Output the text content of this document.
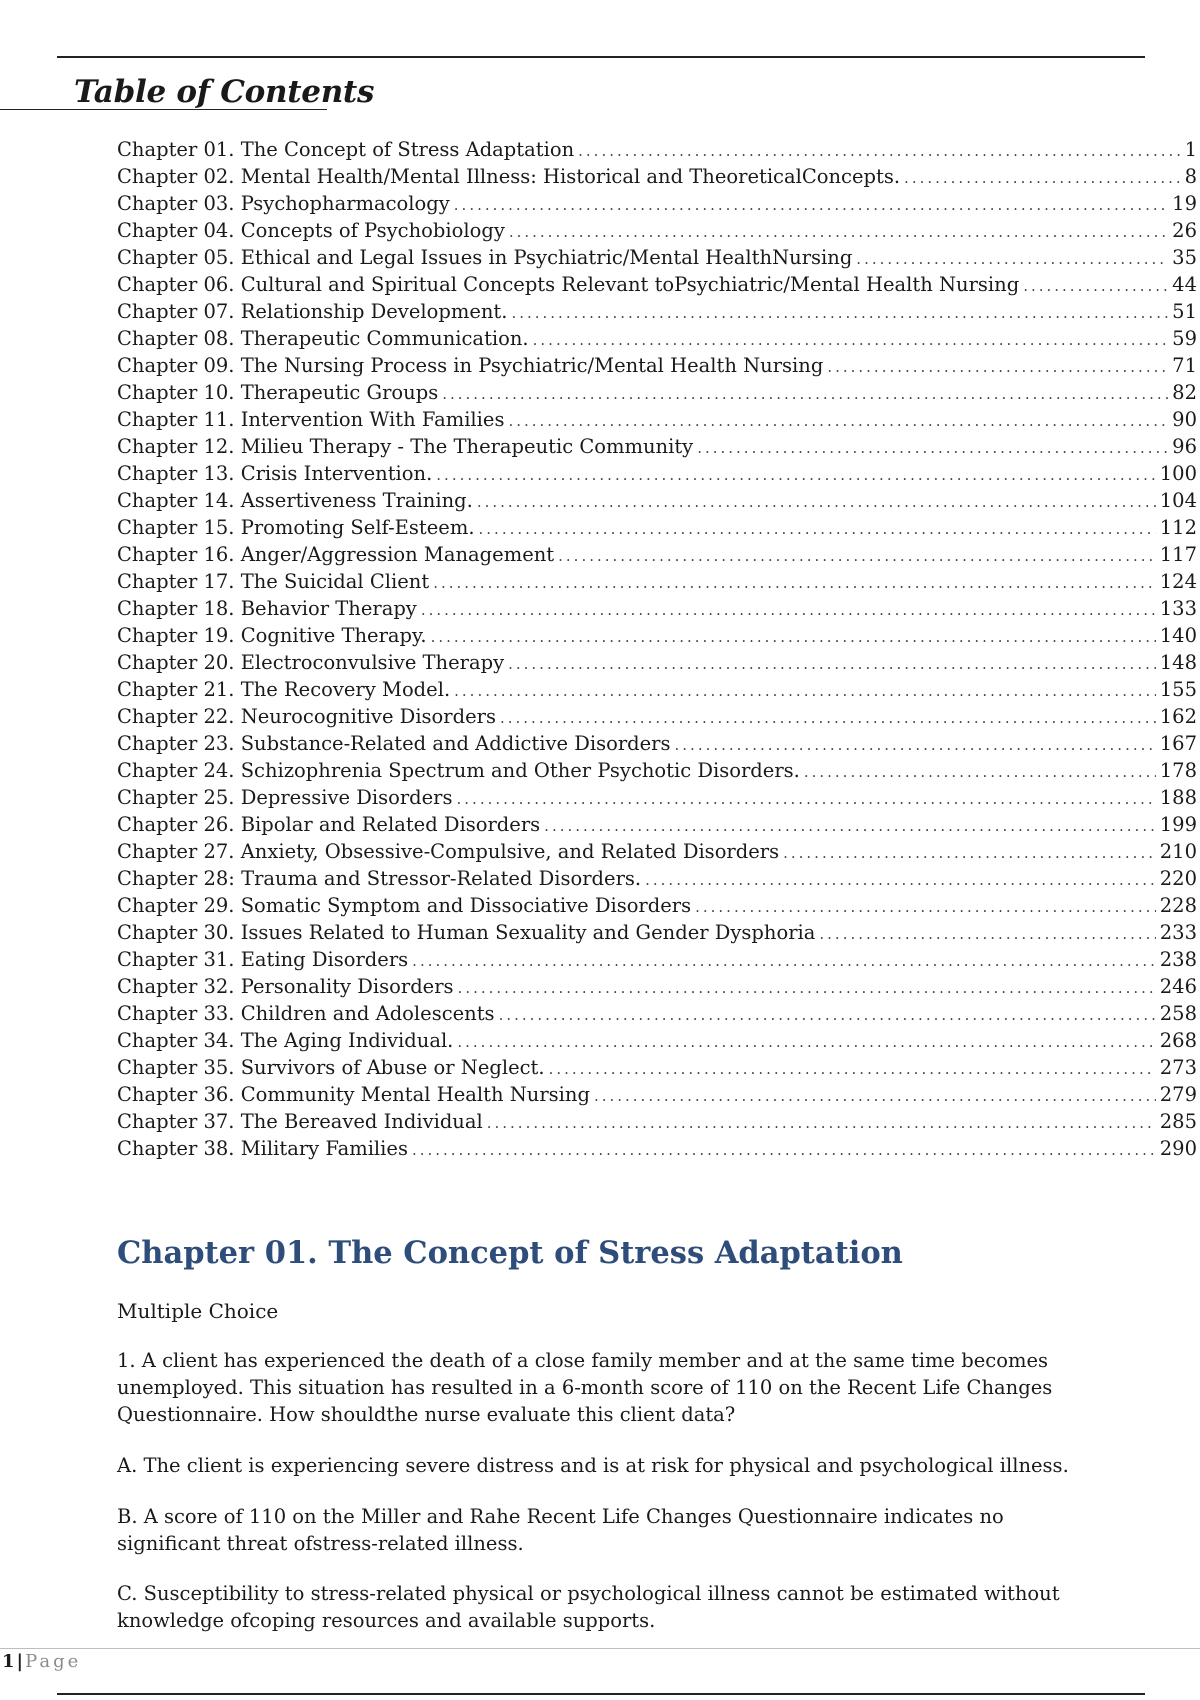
Table of Contents
Chapter 01. The Concept of Stress Adaptation .....	1
Chapter 02. Mental Health/Mental Illness: Historical and TheoreticalConcepts. .....	8
Chapter 03. Psychopharmacology .....	19
Chapter 04. Concepts of Psychobiology .....	26
Chapter 05. Ethical and Legal Issues in Psychiatric/Mental HealthNursing .....	35
Chapter 06. Cultural and Spiritual Concepts Relevant toPsychiatric/Mental Health Nursing .....	44
Chapter 07. Relationship Development. .....	51
Chapter 08. Therapeutic Communication. .....	59
Chapter 09. The Nursing Process in Psychiatric/Mental Health Nursing .....	71
Chapter 10. Therapeutic Groups .....	82
Chapter 11. Intervention With Families .....	90
Chapter 12. Milieu Therapy - The Therapeutic Community .....	96
Chapter 13. Crisis Intervention. .....	100
Chapter 14. Assertiveness Training. .....	104
Chapter 15. Promoting Self-Esteem. .....	112
Chapter 16. Anger/Aggression Management .....	117
Chapter 17. The Suicidal Client .....	124
Chapter 18. Behavior Therapy .....	133
Chapter 19. Cognitive Therapy. .....	140
Chapter 20. Electroconvulsive Therapy .....	148
Chapter 21. The Recovery Model. .....	155
Chapter 22. Neurocognitive Disorders .....	162
Chapter 23. Substance-Related and Addictive Disorders .....	167
Chapter 24. Schizophrenia Spectrum and Other Psychotic Disorders. .....	178
Chapter 25. Depressive Disorders .....	188
Chapter 26. Bipolar and Related Disorders .....	199
Chapter 27. Anxiety, Obsessive-Compulsive, and Related Disorders .....	210
Chapter 28: Trauma and Stressor-Related Disorders. .....	220
Chapter 29. Somatic Symptom and Dissociative Disorders .....	228
Chapter 30. Issues Related to Human Sexuality and Gender Dysphoria .....	233
Chapter 31. Eating Disorders .....	238
Chapter 32. Personality Disorders .....	246
Chapter 33. Children and Adolescents .....	258
Chapter 34. The Aging Individual. .....	268
Chapter 35. Survivors of Abuse or Neglect. .....	273
Chapter 36. Community Mental Health Nursing .....	279
Chapter 37. The Bereaved Individual .....	285
Chapter 38. Military Families .....	290
Chapter 01. The Concept of Stress Adaptation

Multiple Choice

1. A client has experienced the death of a close family member and at the same time becomes unemployed. This situation has resulted in a 6-month score of 110 on the Recent Life Changes Questionnaire. How shouldthe nurse evaluate this client data?

A. The client is experiencing severe distress and is at risk for physical and psychological illness.

B. A score of 110 on the Miller and Rahe Recent Life Changes Questionnaire indicates no significant threat ofstress-related illness.

C. Susceptibility to stress-related physical or psychological illness cannot be estimated without knowledge ofcoping resources and available supports.

1 | Page
